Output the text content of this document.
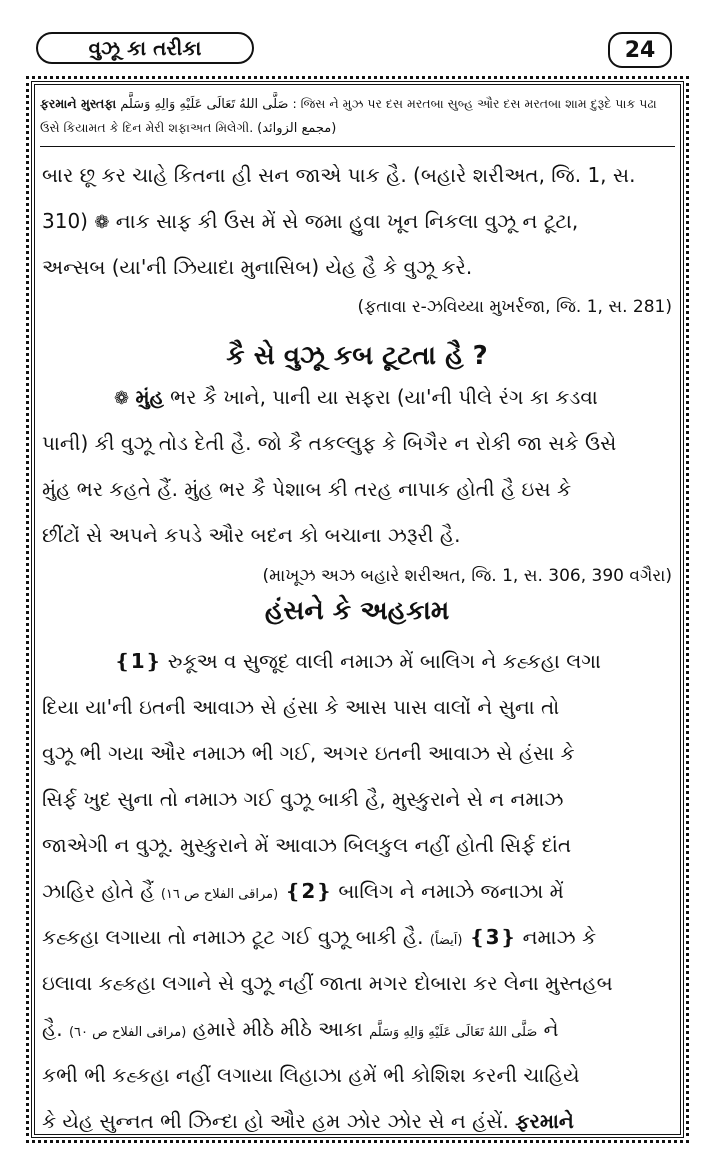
વુઝૂ કા તરીકા	24
ફરમાને મુસ્તફા صَلَّى اللهُ تَعَالَى عَلَيْهِ وَالِهِ وَسَلَّم : જિસ ને મુઝ પર દસ મરતબા સુબ્હ ઔર દસ મરતબા શામ દુરૂદે પાક પઢા
ઉસે કિયામત કે દિન મેરી શફાઅત મિલેગી. (مجمع الزوائد)
બાર છૂ કર ચાહે કિતના હી સન જાએ પાક હૈ. (બહારે શરીઅત, જિ. 1, સ.
310) ❁ નાક સાફ કી ઉસ મેં સે જમા હુવા ખૂન નિકલા વુઝૂ ન ટૂટા,
અન્સબ (યા'ની ઝિયાદા મુનાસિબ) યેહ હૈ કે વુઝૂ કરે.
(ફતાવા ર-ઝવિય્યા મુખર્રજા, જિ. 1, સ. 281)
કૈ સે વુઝૂ કબ ટૂટતા હૈ ?
❁ મુંહ ભર કૈ ખાને, પાની યા સફરા (યા'ની પીલે રંગ કા કડવા
પાની) કી વુઝૂ તોડ દેતી હૈ. જો કૈ તકલ્લુફ કે બિગૈર ન રોકી જા સકે ઉસે
મુંહ ભર કહતે હૈં. મુંહ ભર કૈ પેશાબ કી તરહ નાપાક હોતી હૈ ઇસ કે
છીંટોં સે અપને કપડે ઔર બદન કો બચાના ઝરૂરી હૈ.
(માખૂઝ અઝ બહારે શરીઅત, જિ. 1, સ. 306, 390 વગૈરા)
હંસને કે અહકામ
❴1❵ રુકૂઅ વ સુજૂદ વાલી નમાઝ મેં બાલિગ ને કહ્કહા લગા
દિયા યા'ની ઇતની આવાઝ સે હંસા કે આસ પાસ વાલોં ને સુના તો
વુઝૂ ભી ગયા ઔર નમાઝ ભી ગઈ, અગર ઇતની આવાઝ સે હંસા કે
સિર્ફ ખુદ સુના તો નમાઝ ગઈ વુઝૂ બાકી હૈ, મુસ્કુરાને સે ન નમાઝ
જાએગી ન વુઝૂ. મુસ્કુરાને મેં આવાઝ બિલકુલ નહીં હોતી સિર્ફ દાંત
ઝાહિર હોતે હૈં (مراقی الفلاح ص ١٦) ❴2❵ બાલિગ ને નમાઝે જનાઝા મેં
કહ્કહા લગાયા તો નમાઝ ટૂટ ગઈ વુઝૂ બાકી હૈ. (اَیضاً) ❴3❵ નમાઝ કે
ઇલાવા કહ્કહા લગાને સે વુઝૂ નહીં જાતા મગર દોબારા કર લેના મુસ્તહબ
હૈ. (مراقی الفلاح ص ٦٠) હમારે મીઠે મીઠે આકા صَلَّى اللهُ تَعَالَى عَلَيْهِ وَالِهِ وَسَلَّم ને
કભી ભી કહ્કહા નહીં લગાયા લિહાઝા હમેં ભી કોશિશ કરની ચાહિયે
કે યેહ સુન્નત ભી ઝિન્દા હો ઔર હમ ઝોર ઝોર સે ન હંસેં. ફરમાને
